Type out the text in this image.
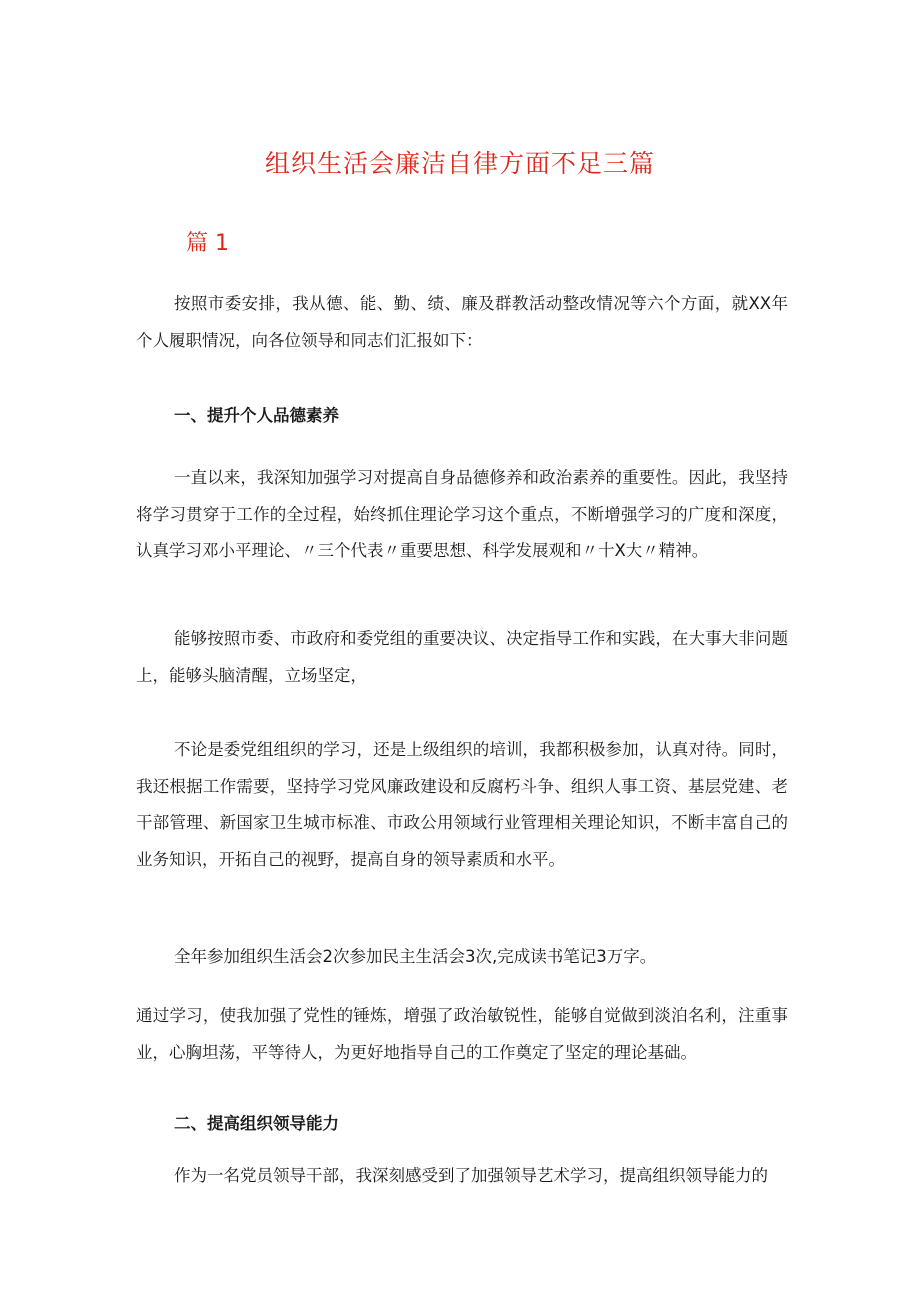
组织生活会廉洁自律方面不足三篇
篇 1

按照市委安排，我从德、能、勤、绩、廉及群教活动整改情况等六个方面，就XX年个人履职情况，向各位领导和同志们汇报如下：

一、提升个人品德素养

一直以来，我深知加强学习对提高自身品德修养和政治素养的重要性。因此，我坚持将学习贯穿于工作的全过程，始终抓住理论学习这个重点，不断增强学习的广度和深度，认真学习邓小平理论、〃三个代表〃重要思想、科学发展观和〃十X大〃精神。

能够按照市委、市政府和委党组的重要决议、决定指导工作和实践，在大事大非问题上，能够头脑清醒，立场坚定，

不论是委党组组织的学习，还是上级组织的培训，我都积极参加，认真对待。同时，我还根据工作需要，坚持学习党风廉政建设和反腐朽斗争、组织人事工资、基层党建、老干部管理、新国家卫生城市标准、市政公用领域行业管理相关理论知识，不断丰富自己的业务知识，开拓自己的视野，提高自身的领导素质和水平。

全年参加组织生活会2次参加民主生活会3次,完成读书笔记3万字。

通过学习，使我加强了党性的锤炼，增强了政治敏锐性，能够自觉做到淡泊名利，注重事业，心胸坦荡，平等待人，为更好地指导自己的工作奠定了坚定的理论基础。

二、提高组织领导能力

作为一名党员领导干部，我深刻感受到了加强领导艺术学习，提高组织领导能力的
